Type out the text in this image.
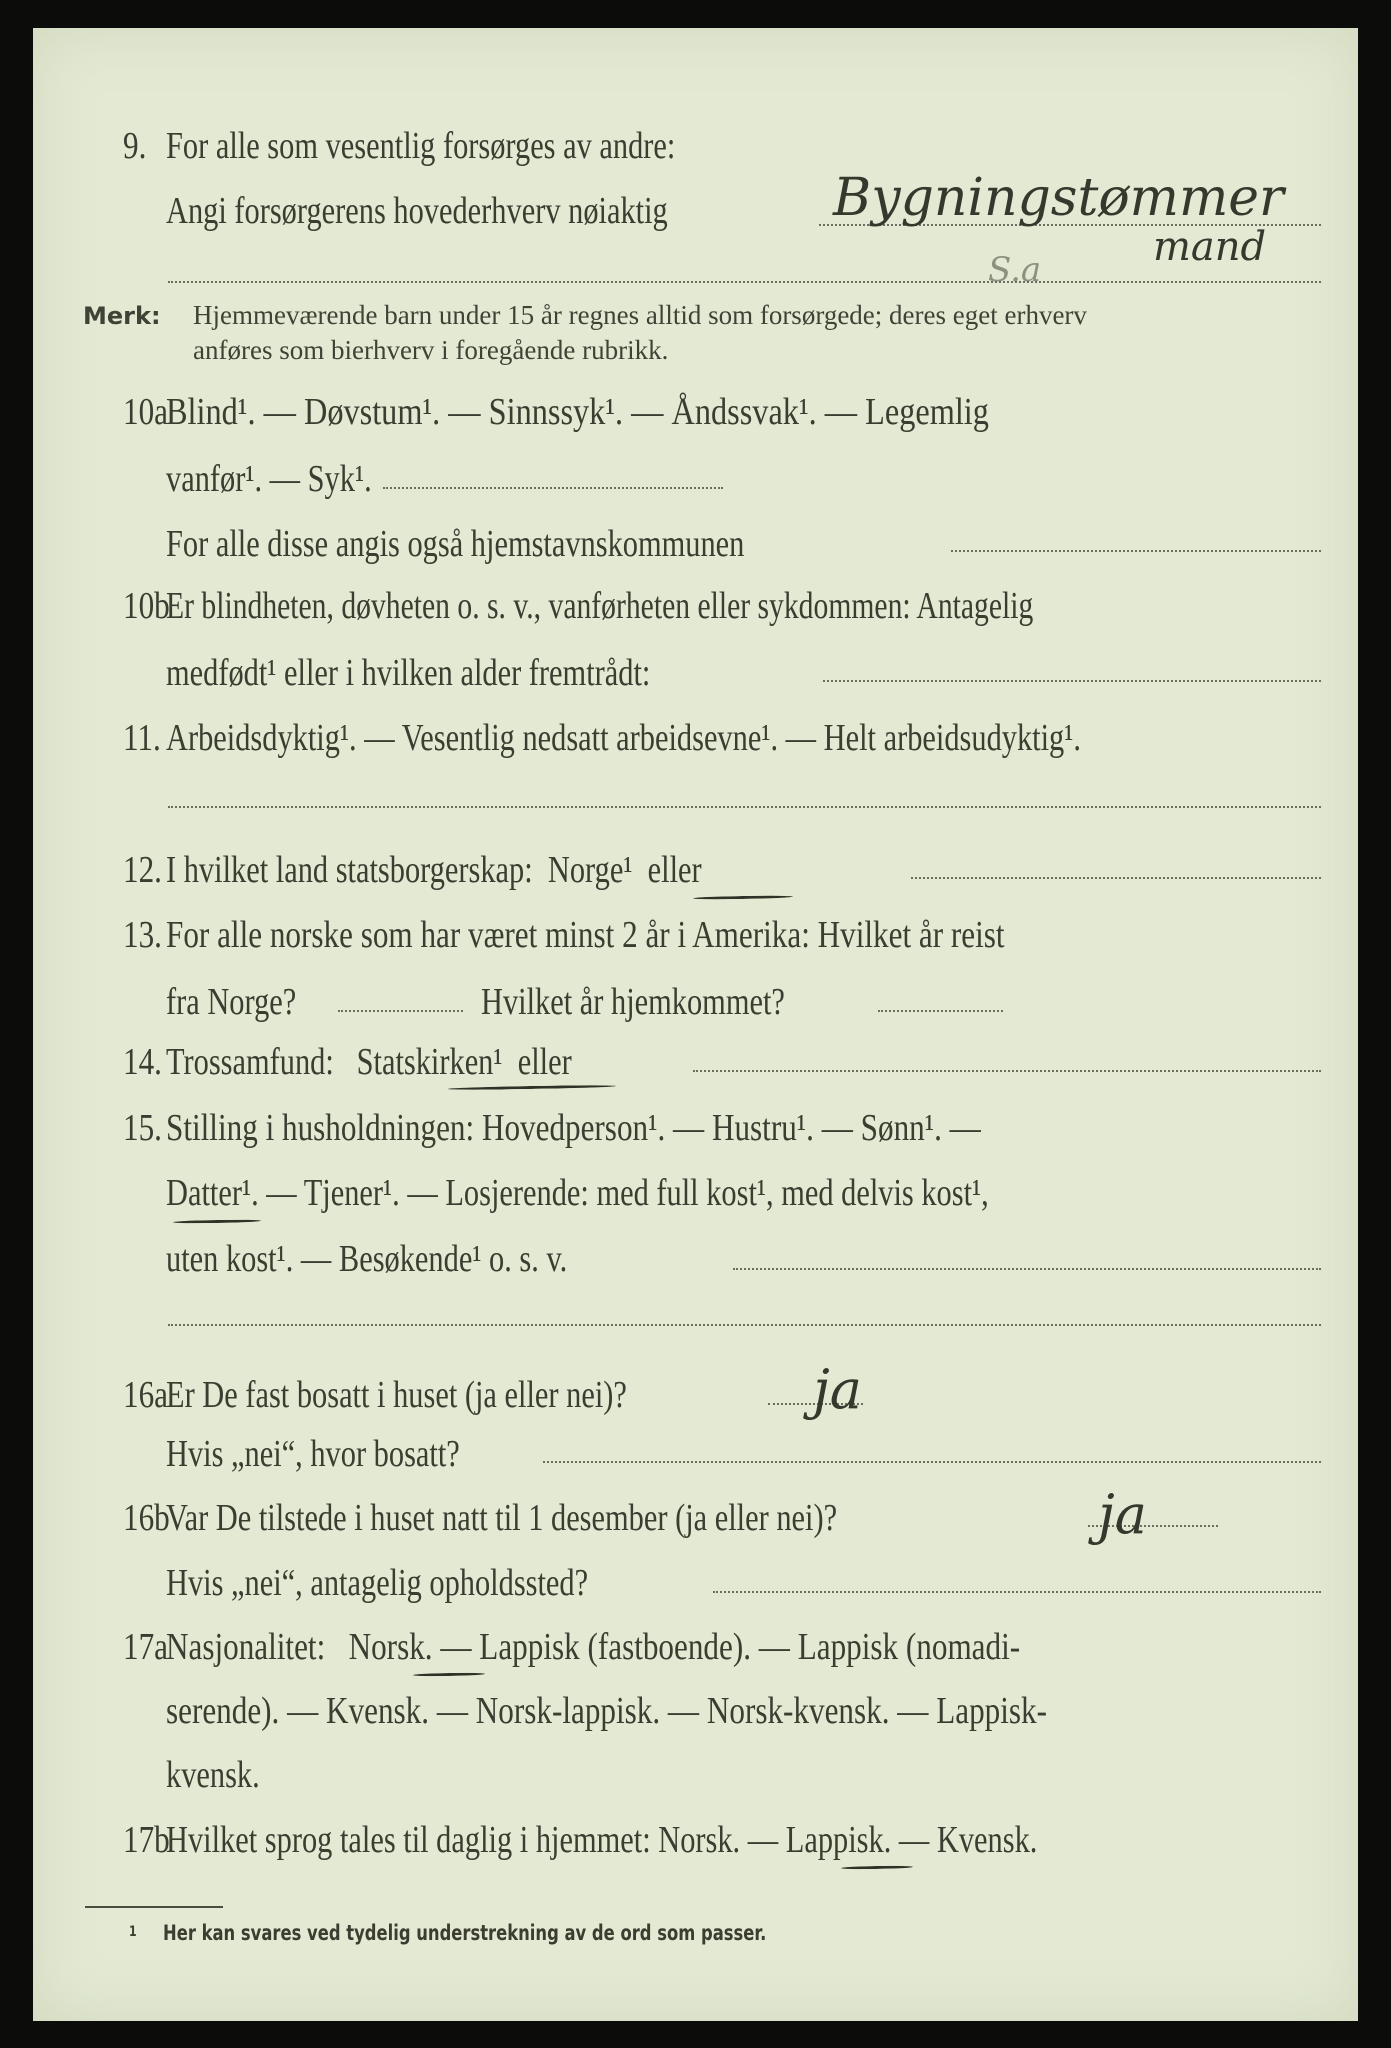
9. For alle som vesentlig forsørges av andre:
Angi forsørgerens hovederhverv nøiaktig	Bygningstømmer
mand
S.a
Merk: Hjemmeværende barn under 15 år regnes alltid som forsørgede; deres eget erhverv
anføres som bierhverv i foregående rubrikk.
10a
Blind¹. — Døvstum¹. — Sinnssyk¹. — Åndssvak¹. — Legemlig
vanfør¹. — Syk¹.
For alle disse angis også hjemstavnskommunen
10b
Er blindheten, døvheten o. s. v., vanførheten eller sykdommen: Antagelig
medfødt¹ eller i hvilken alder fremtrådt:
11. Arbeidsdyktig¹. — Vesentlig nedsatt arbeidsevne¹. — Helt arbeidsudyktig¹.
12. I hvilket land statsborgerskap: Norge¹ eller
13. For alle norske som har været minst 2 år i Amerika: Hvilket år reist
fra Norge?	Hvilket år hjemkommet?
14. Trossamfund: Statskirken¹ eller
15. Stilling i husholdningen: Hovedperson¹. — Hustru¹. — Sønn¹. —
Datter¹. — Tjener¹. — Losjerende: med full kost¹, med delvis kost¹,
uten kost¹. — Besøkende¹ o. s. v.
16a
Er De fast bosatt i huset (ja eller nei)?	ja
Hvis „nei“, hvor bosatt?
16b
Var De tilstede i huset natt til 1 desember (ja eller nei)?	ja
Hvis „nei“, antagelig opholdssted?
17a
Nasjonalitet: Norsk. — Lappisk (fastboende). — Lappisk (nomadi-
serende). — Kvensk. — Norsk-lappisk. — Norsk-kvensk. — Lappisk-
kvensk.
17b
Hvilket sprog tales til daglig i hjemmet: Norsk. — Lappisk. — Kvensk.
1 Her kan svares ved tydelig understrekning av de ord som passer.
